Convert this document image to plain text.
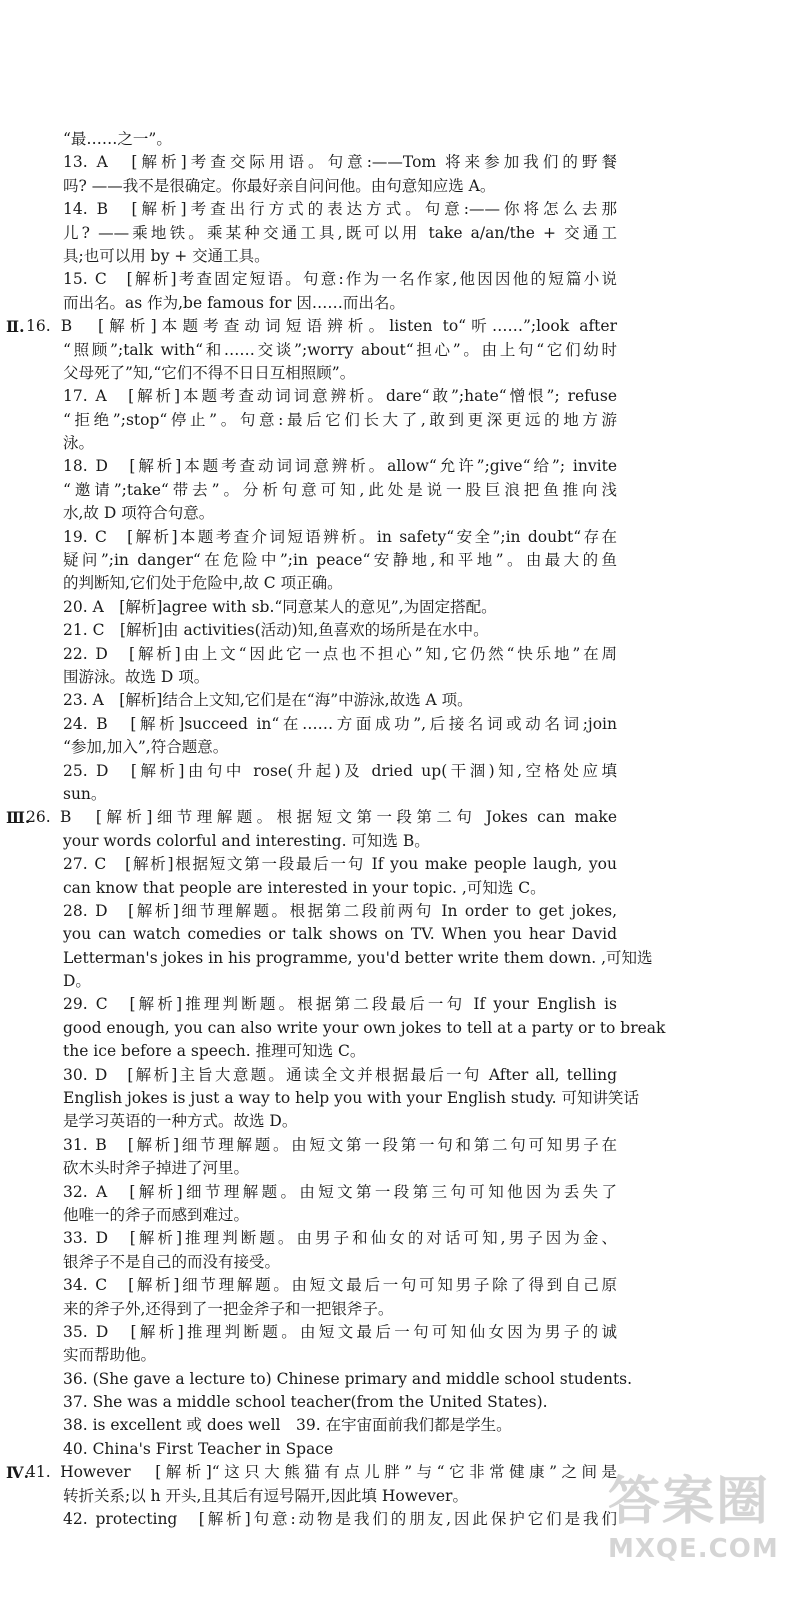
“最……之一”。
13. A　[解析]考查交际用语。句意:——Tom 将来参加我们的野餐
吗? ——我不是很确定。你最好亲自问问他。由句意知应选 A。
14. B　[解析]考查出行方式的表达方式。句意:——你将怎么去那
儿? ——乘地铁。乘某种交通工具,既可以用 take a/an/the + 交通工
具;也可以用 by + 交通工具。
15. C　[解析]考查固定短语。句意:作为一名作家,他因因他的短篇小说
而出名。as 作为,be famous for 因……而出名。
Ⅱ. 16. B　[解析]本题考查动词短语辨析。listen to“听……”;look after
“照顾”;talk with“和……交谈”;worry about“担心”。由上句“它们幼时
父母死了”知,“它们不得不日日互相照顾”。
17. A　[解析]本题考查动词词意辨析。dare“敢”;hate“憎恨”; refuse
“拒绝”;stop“停止”。句意:最后它们长大了,敢到更深更远的地方游
泳。
18. D　[解析]本题考查动词词意辨析。allow“允许”;give“给”; invite
“邀请”;take“带去”。分析句意可知,此处是说一股巨浪把鱼推向浅
水,故 D 项符合句意。
19. C　[解析]本题考查介词短语辨析。in safety“安全”;in doubt“存在
疑问”;in danger“在危险中”;in peace“安静地,和平地”。由最大的鱼
的判断知,它们处于危险中,故 C 项正确。
20. A　[解析]agree with sb.“同意某人的意见”,为固定搭配。
21. C　[解析]由 activities(活动)知,鱼喜欢的场所是在水中。
22. D　[解析]由上文“因此它一点也不担心”知,它仍然“快乐地”在周
围游泳。故选 D 项。
23. A　[解析]结合上文知,它们是在“海”中游泳,故选 A 项。
24. B　[解析]succeed in“在……方面成功”,后接名词或动名词;join
“参加,加入”,符合题意。
25. D　[解析]由句中 rose(升起)及 dried up(干涸)知,空格处应填
sun。
Ⅲ.
26. B　[解析]细节理解题。根据短文第一段第二句 Jokes can make
your words colorful and interesting. 可知选 B。
27. C　[解析]根据短文第一段最后一句 If you make people laugh, you
can know that people are interested in your topic. ,可知选 C。
28. D　[解析]细节理解题。根据第二段前两句 In order to get jokes,
you can watch comedies or talk shows on TV. When you hear David
Letterman's jokes in his programme, you'd better write them down. ,可知选
D。
29. C　[解析]推理判断题。根据第二段最后一句 If your English is
good enough, you can also write your own jokes to tell at a party or to break
the ice before a speech. 推理可知选 C。
30. D　[解析]主旨大意题。通读全文并根据最后一句 After all, telling
English jokes is just a way to help you with your English study. 可知讲笑话
是学习英语的一种方式。故选 D。
31. B　[解析]细节理解题。由短文第一段第一句和第二句可知男子在
砍木头时斧子掉进了河里。
32. A　[解析]细节理解题。由短文第一段第三句可知他因为丢失了
他唯一的斧子而感到难过。
33. D　[解析]推理判断题。由男子和仙女的对话可知,男子因为金、
银斧子不是自己的而没有接受。
34. C　[解析]细节理解题。由短文最后一句可知男子除了得到自己原
来的斧子外,还得到了一把金斧子和一把银斧子。
35. D　[解析]推理判断题。由短文最后一句可知仙女因为男子的诚
实而帮助他。
36. (She gave a lecture to) Chinese primary and middle school students.
37. She was a middle school teacher(from the United States).
38. is excellent 或 does well　39. 在宇宙面前我们都是学生。
40. China's First Teacher in Space
Ⅳ.
41. However　[解析]“这只大熊猫有点儿胖”与“它非常健康”之间是
转折关系;以 h 开头,且其后有逗号隔开,因此填 However。
42. protecting　[解析]句意:动物是我们的朋友,因此保护它们是我们
答案圈
MXQE.COM
